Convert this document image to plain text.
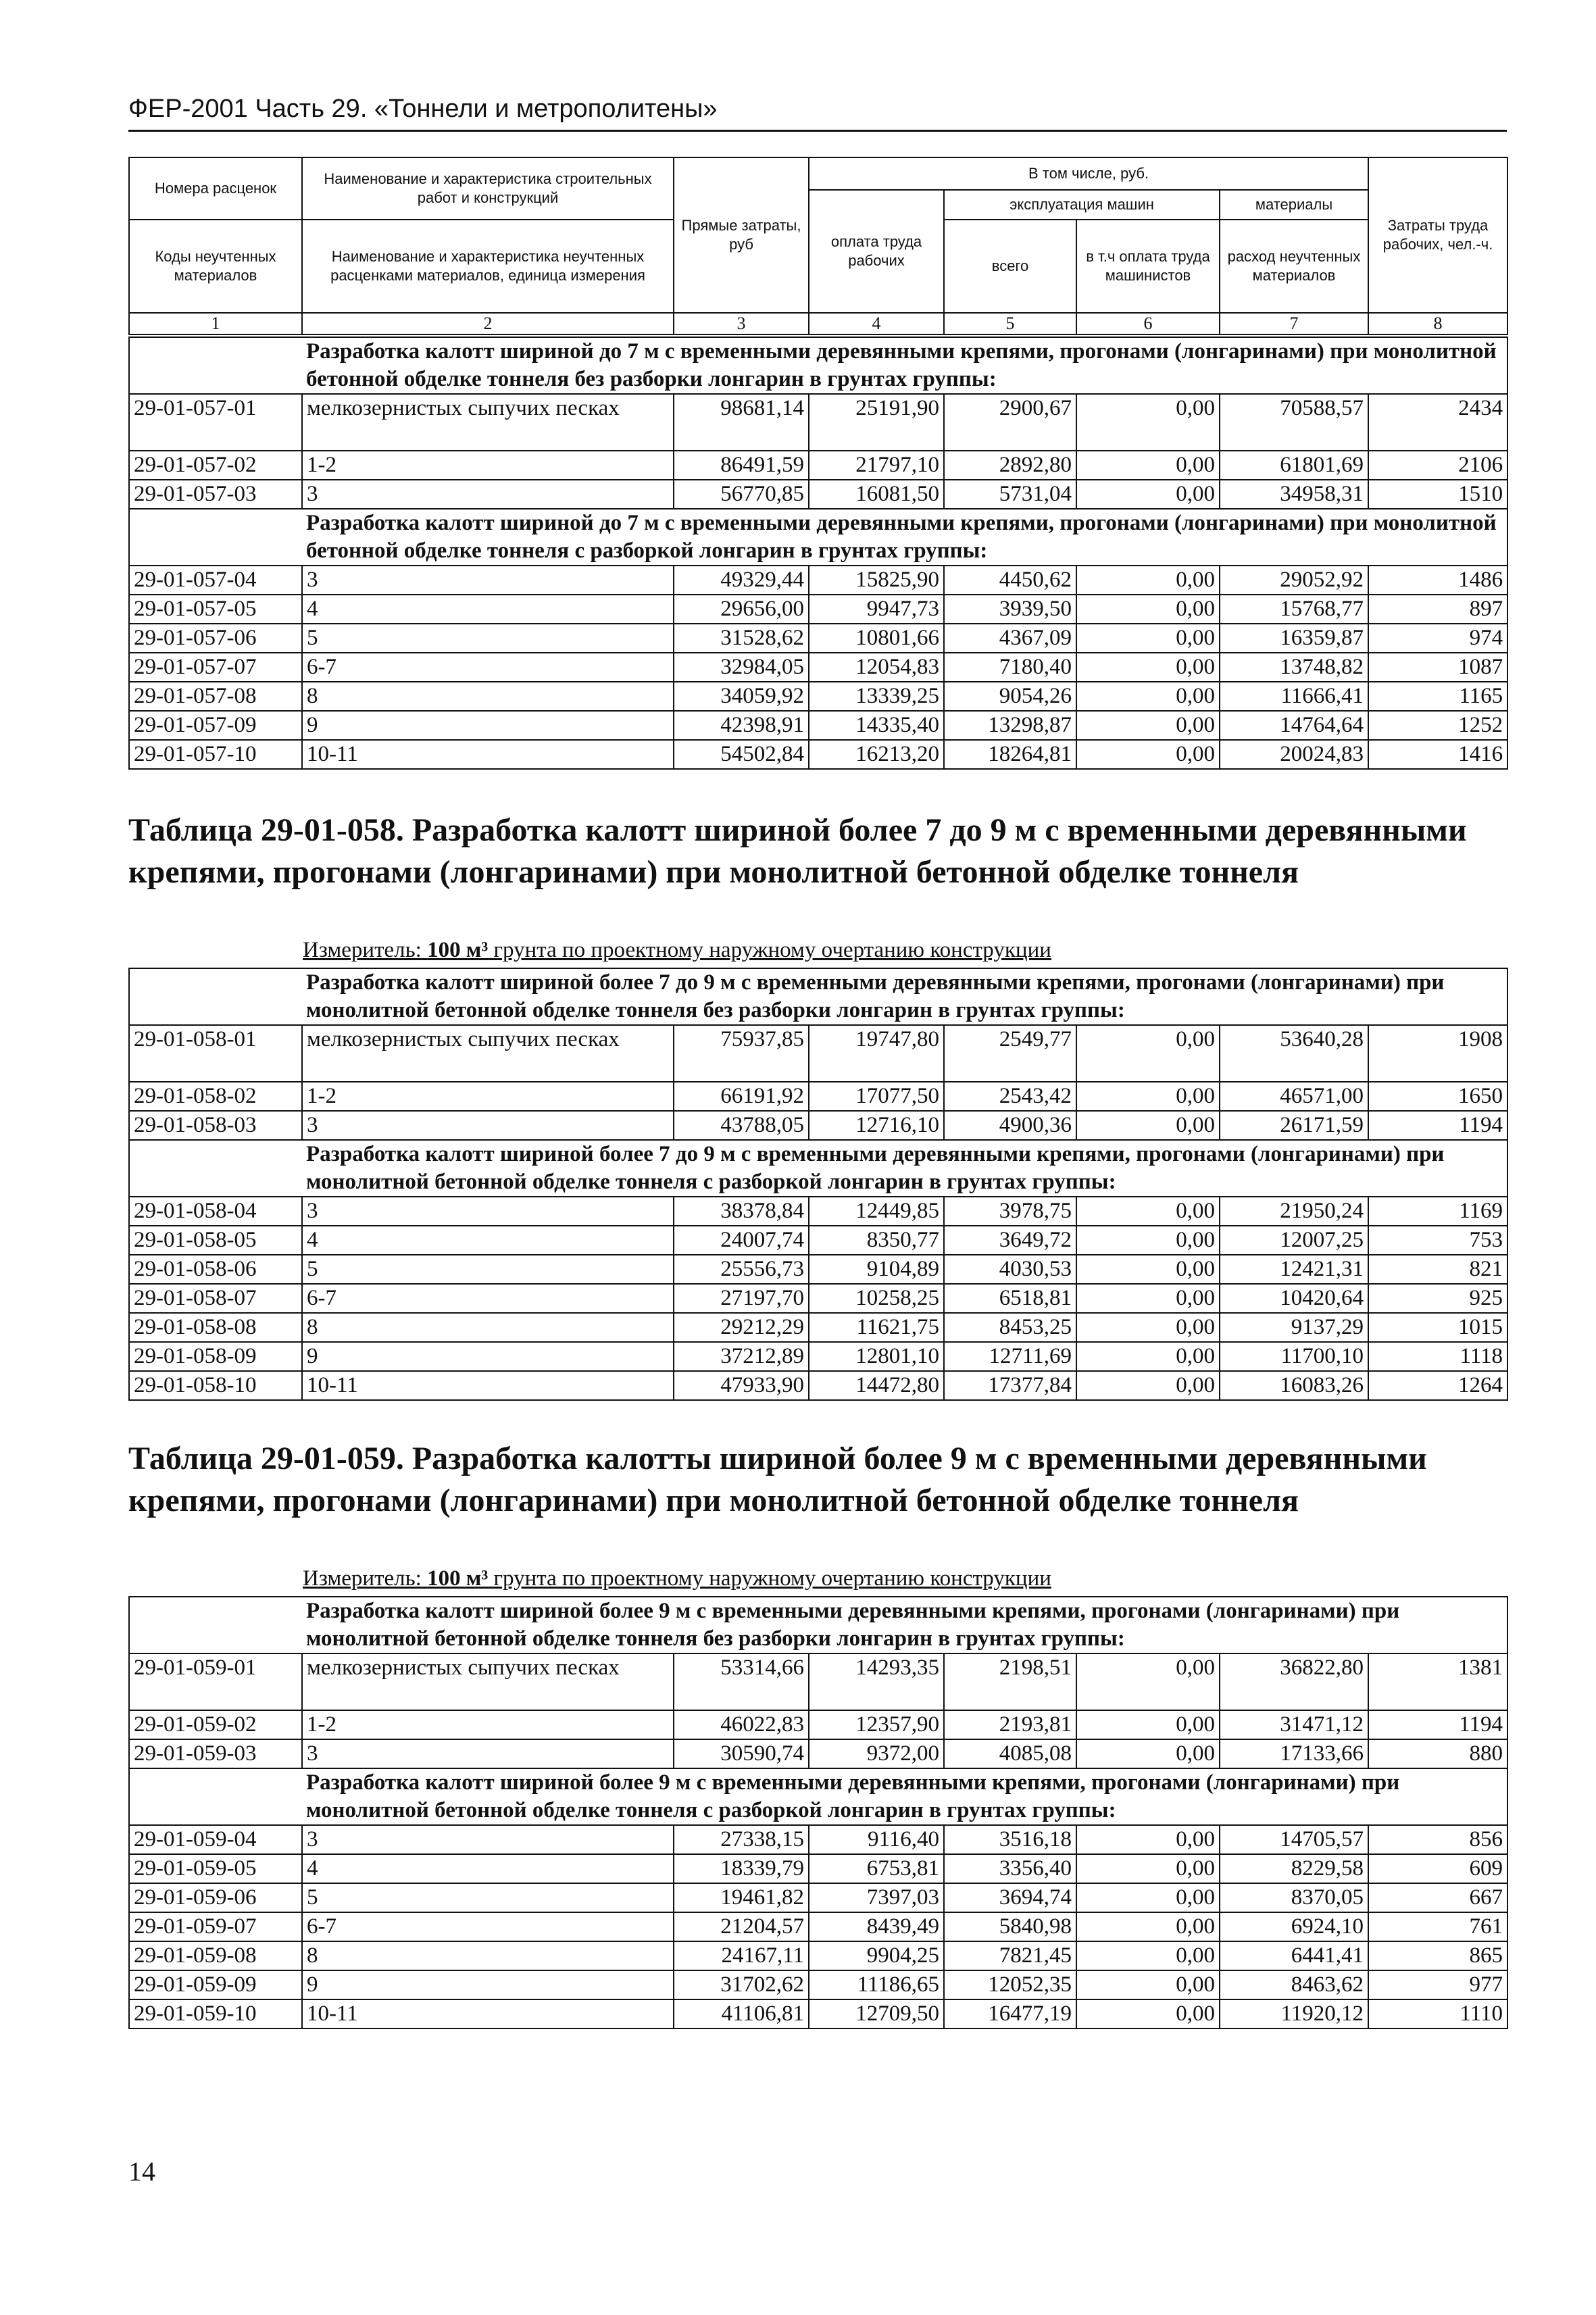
ФЕР-2001 Часть 29. «Тоннели и метрополитены»
Номера расценок	Наименование и характеристика строительных работ и конструкций	Прямые затраты, руб	В том числе, руб.				Затраты труда рабочих, чел.-ч.
			оплата труда рабочих	эксплуатация машин		материалы	
Коды неучтенных материалов	Наименование и характеристика неучтенных расценками материалов, единица измерения			всего	в т.ч оплата труда машинистов	расход неучтенных материалов	

1	2	3	4	5	6	7	8
	Разработка калотт шириной до 7 м с временными деревянными крепями, прогонами (лонгаринами) при монолитной бетонной обделке тоннеля без разборки лонгарин в грунтах группы:						
29-01-057-01	мелкозернистых сыпучих песках	98681,14	25191,90	2900,67	0,00	70588,57	2434
29-01-057-02	1-2	86491,59	21797,10	2892,80	0,00	61801,69	2106
29-01-057-03	3	56770,85	16081,50	5731,04	0,00	34958,31	1510
	Разработка калотт шириной до 7 м с временными деревянными крепями, прогонами (лонгаринами) при монолитной бетонной обделке тоннеля с разборкой лонгарин в грунтах группы:						
29-01-057-04	3	49329,44	15825,90	4450,62	0,00	29052,92	1486
29-01-057-05	4	29656,00	9947,73	3939,50	0,00	15768,77	897
29-01-057-06	5	31528,62	10801,66	4367,09	0,00	16359,87	974
29-01-057-07	6-7	32984,05	12054,83	7180,40	0,00	13748,82	1087
29-01-057-08	8	34059,92	13339,25	9054,26	0,00	11666,41	1165
29-01-057-09	9	42398,91	14335,40	13298,87	0,00	14764,64	1252
29-01-057-10	10-11	54502,84	16213,20	18264,81	0,00	20024,83	1416
Таблица 29-01-058. Разработка калотт шириной более 7 до 9 м с временными деревянными крепями, прогонами (лонгаринами) при монолитной бетонной обделке тоннеля
Измеритель: 100 м³ грунта по проектному наружному очертанию конструкции
	Разработка калотт шириной более 7 до 9 м с временными деревянными крепями, прогонами (лонгаринами) при монолитной бетонной обделке тоннеля без разборки лонгарин в грунтах группы:						
29-01-058-01	мелкозернистых сыпучих песках	75937,85	19747,80	2549,77	0,00	53640,28	1908
29-01-058-02	1-2	66191,92	17077,50	2543,42	0,00	46571,00	1650
29-01-058-03	3	43788,05	12716,10	4900,36	0,00	26171,59	1194
	Разработка калотт шириной более 7 до 9 м с временными деревянными крепями, прогонами (лонгаринами) при монолитной бетонной обделке тоннеля с разборкой лонгарин в грунтах группы:						
29-01-058-04	3	38378,84	12449,85	3978,75	0,00	21950,24	1169
29-01-058-05	4	24007,74	8350,77	3649,72	0,00	12007,25	753
29-01-058-06	5	25556,73	9104,89	4030,53	0,00	12421,31	821
29-01-058-07	6-7	27197,70	10258,25	6518,81	0,00	10420,64	925
29-01-058-08	8	29212,29	11621,75	8453,25	0,00	9137,29	1015
29-01-058-09	9	37212,89	12801,10	12711,69	0,00	11700,10	1118
29-01-058-10	10-11	47933,90	14472,80	17377,84	0,00	16083,26	1264
Таблица 29-01-059. Разработка калотты шириной более 9 м с временными деревянными крепями, прогонами (лонгаринами) при монолитной бетонной обделке тоннеля
Измеритель: 100 м³ грунта по проектному наружному очертанию конструкции
	Разработка калотт шириной более 9 м с временными деревянными крепями, прогонами (лонгаринами) при монолитной бетонной обделке тоннеля без разборки лонгарин в грунтах группы:						
29-01-059-01	мелкозернистых сыпучих песках	53314,66	14293,35	2198,51	0,00	36822,80	1381
29-01-059-02	1-2	46022,83	12357,90	2193,81	0,00	31471,12	1194
29-01-059-03	3	30590,74	9372,00	4085,08	0,00	17133,66	880
	Разработка калотт шириной более 9 м с временными деревянными крепями, прогонами (лонгаринами) при монолитной бетонной обделке тоннеля с разборкой лонгарин в грунтах группы:						
29-01-059-04	3	27338,15	9116,40	3516,18	0,00	14705,57	856
29-01-059-05	4	18339,79	6753,81	3356,40	0,00	8229,58	609
29-01-059-06	5	19461,82	7397,03	3694,74	0,00	8370,05	667
29-01-059-07	6-7	21204,57	8439,49	5840,98	0,00	6924,10	761
29-01-059-08	8	24167,11	9904,25	7821,45	0,00	6441,41	865
29-01-059-09	9	31702,62	11186,65	12052,35	0,00	8463,62	977
29-01-059-10	10-11	41106,81	12709,50	16477,19	0,00	11920,12	1110
14
